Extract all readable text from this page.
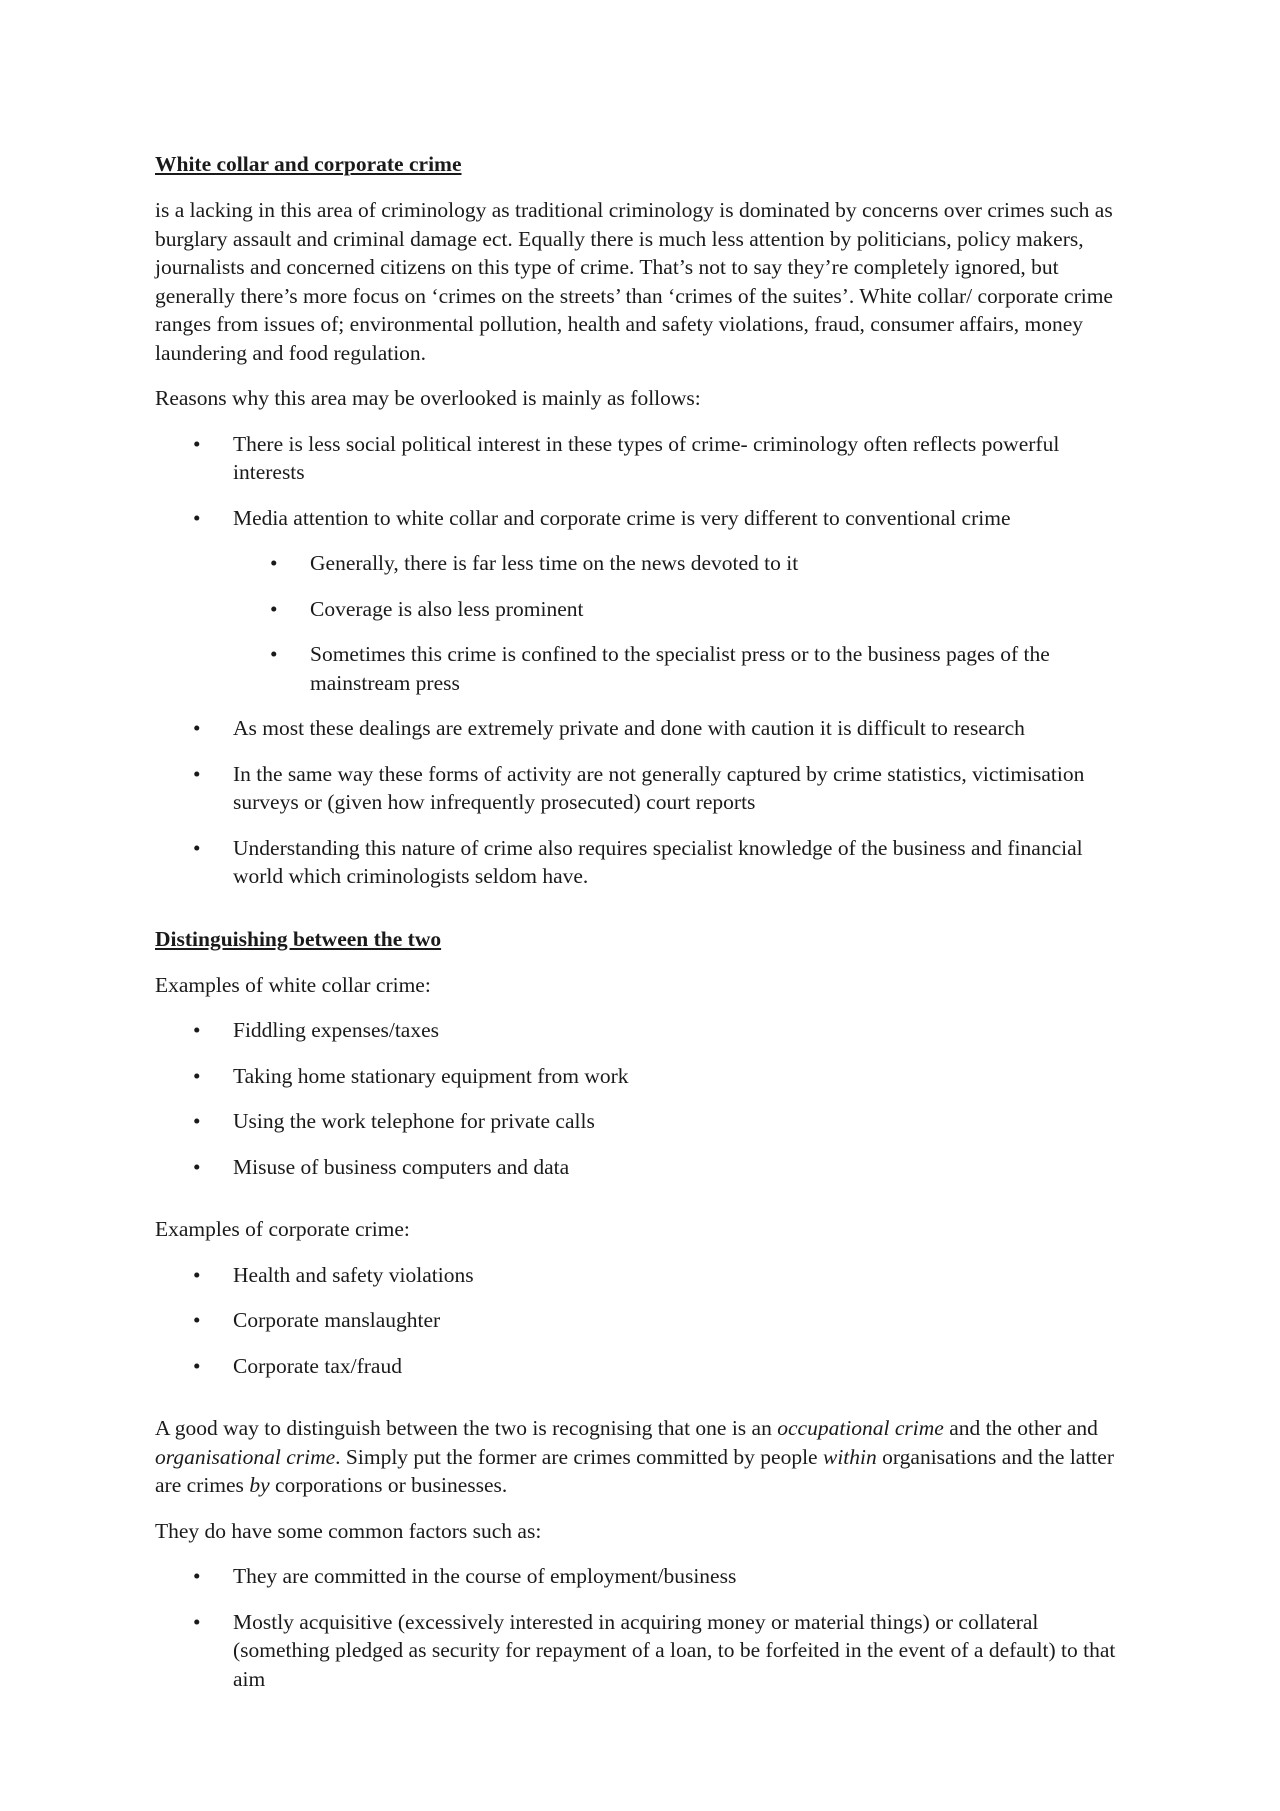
White collar and corporate crime

is a lacking in this area of criminology as traditional criminology is dominated by concerns over crimes such as burglary assault and criminal damage ect. Equally there is much less attention by politicians, policy makers, journalists and concerned citizens on this type of crime. That’s not to say they’re completely ignored, but generally there’s more focus on ‘crimes on the streets’ than ‘crimes of the suites’. White collar/ corporate crime ranges from issues of; environmental pollution, health and safety violations, fraud, consumer affairs, money laundering and food regulation.

Reasons why this area may be overlooked is mainly as follows:

• There is less social political interest in these types of crime- criminology often reflects powerful interests
• Media attention to white collar and corporate crime is very different to conventional crime
• Generally, there is far less time on the news devoted to it
• Coverage is also less prominent
• Sometimes this crime is confined to the specialist press or to the business pages of the mainstream press
• As most these dealings are extremely private and done with caution it is difficult to research
• In the same way these forms of activity are not generally captured by crime statistics, victimisation surveys or (given how infrequently prosecuted) court reports
• Understanding this nature of crime also requires specialist knowledge of the business and financial world which criminologists seldom have.
Distinguishing between the two

Examples of white collar crime:

• Fiddling expenses/taxes
• Taking home stationary equipment from work
• Using the work telephone for private calls
• Misuse of business computers and data

Examples of corporate crime:

• Health and safety violations
• Corporate manslaughter
• Corporate tax/fraud

A good way to distinguish between the two is recognising that one is an occupational crime and the other and organisational crime. Simply put the former are crimes committed by people within organisations and the latter are crimes by corporations or businesses.

They do have some common factors such as:

• They are committed in the course of employment/business
• Mostly acquisitive (excessively interested in acquiring money or material things) or collateral (something pledged as security for repayment of a loan, to be forfeited in the event of a default) to that aim
